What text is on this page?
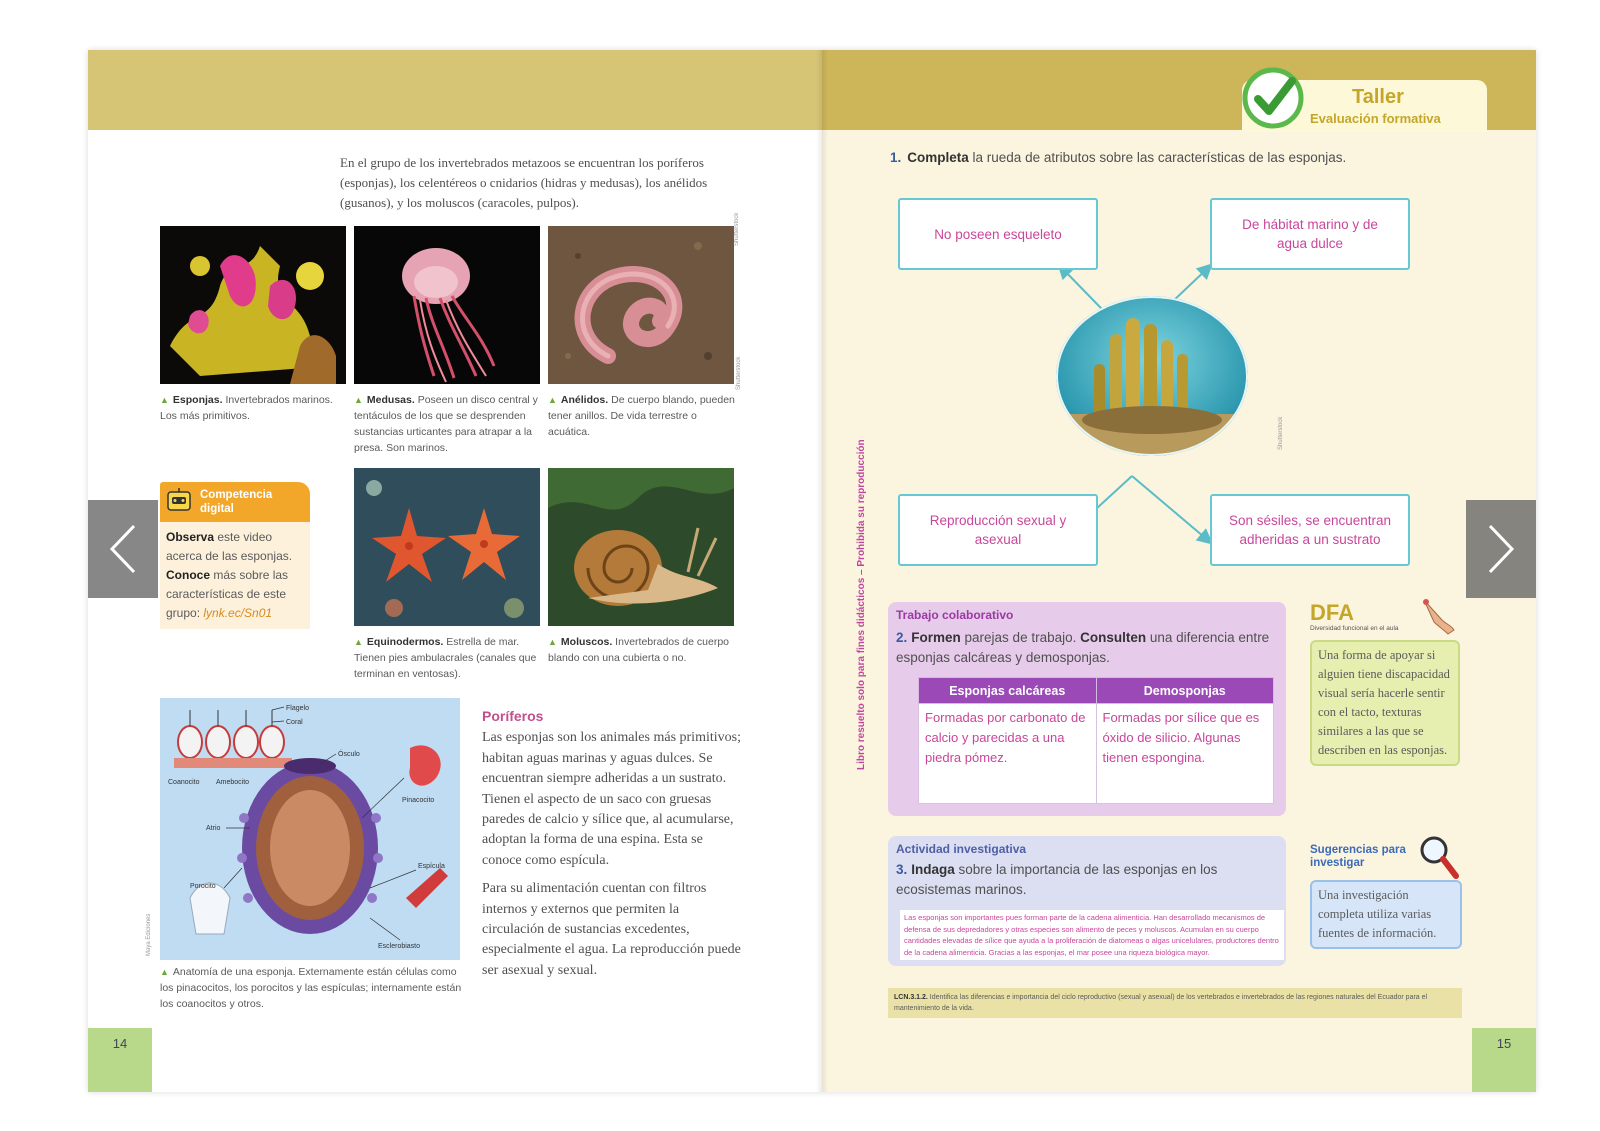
En el grupo de los invertebrados metazoos se encuentran los poríferos (esponjas), los celentéreos o cnidarios (hidras y medusas), los anélidos (gusanos), y los moluscos (caracoles, pulpos).

Shutterstock
Shutterstock
▲ Esponjas. Invertebrados marinos. Los más primitivos.
▲ Medusas. Poseen un disco central y tentáculos de los que se desprenden sustancias urticantes para atrapar a la presa. Son marinos.
▲ Anélidos. De cuerpo blando, pueden tener anillos. De vida terrestre o acuática.
Competencia digital
Observa este video acerca de las esponjas. Conoce más sobre las características de este grupo: lynk.ec/Sn01
▲ Equinodermos. Estrella de mar. Tienen pies ambulacrales (canales que terminan en ventosas).
▲ Moluscos. Invertebrados de cuerpo blando con una cubierta o no.
Flagelo
Coral
Ósculo
Coanocito Amebocito
Pinacocito
Atrio
Espícula
Porocito
Esclerobiasto
Maya Ediciones
▲ Anatomía de una esponja. Externamente están células como los pinacocitos, los porocitos y las espículas; internamente están los coanocitos y otros.
Poríferos

Las esponjas son los animales más primitivos; habitan aguas marinas y aguas dulces. Se encuentran siempre adheridas a un sustrato. Tienen el aspecto de un saco con gruesas paredes de calcio y sílice que, al acumularse, adoptan la forma de una espina. Esta se conoce como espícula.

Para su alimentación cuentan con filtros internos y externos que permiten la circulación de sustancias excedentes, especialmente el agua. La reproducción puede ser asexual y sexual.

14
Taller
Evaluación formativa
1. Completa la rueda de atributos sobre las características de las esponjas.
No poseen esqueleto
De hábitat marino y de agua dulce
Reproducción sexual y asexual
Son sésiles, se encuentran adheridas a un sustrato
Shutterstock
Libro resuelto solo para fines didácticos – Prohibida su reproducción Trabajo colaborativo
2. Formen parejas de trabajo. Consulten una diferencia entre esponjas calcáreas y demosponjas.
Esponjas calcáreas	Demosponjas
Formadas por carbonato de calcio y parecidas a una piedra pómez.	Formadas por sílice que es óxido de silicio. Algunas tienen espongina.
DFA
Diversidad funcional en el aula
Una forma de apoyar si alguien tiene discapacidad visual sería hacerle sentir con el tacto, texturas similares a las que se describen en las esponjas.
Actividad investigativa
3. Indaga sobre la importancia de las esponjas en los ecosistemas marinos.
Las esponjas son importantes pues forman parte de la cadena alimenticia. Han desarrollado mecanismos de defensa de sus depredadores y otras especies son alimento de peces y moluscos. Acumulan en su cuerpo cantidades elevadas de sílice que ayuda a la proliferación de diatomeas o algas unicelulares, productores dentro de la cadena alimenticia. Gracias a las esponjas, el mar posee una riqueza biológica mayor.
Sugerencias para investigar
Una investigación completa utiliza varias fuentes de información.
LCN.3.1.2. Identifica las diferencias e importancia del ciclo reproductivo (sexual y asexual) de los vertebrados e invertebrados de las regiones naturales del Ecuador para el mantenimiento de la vida.
15
